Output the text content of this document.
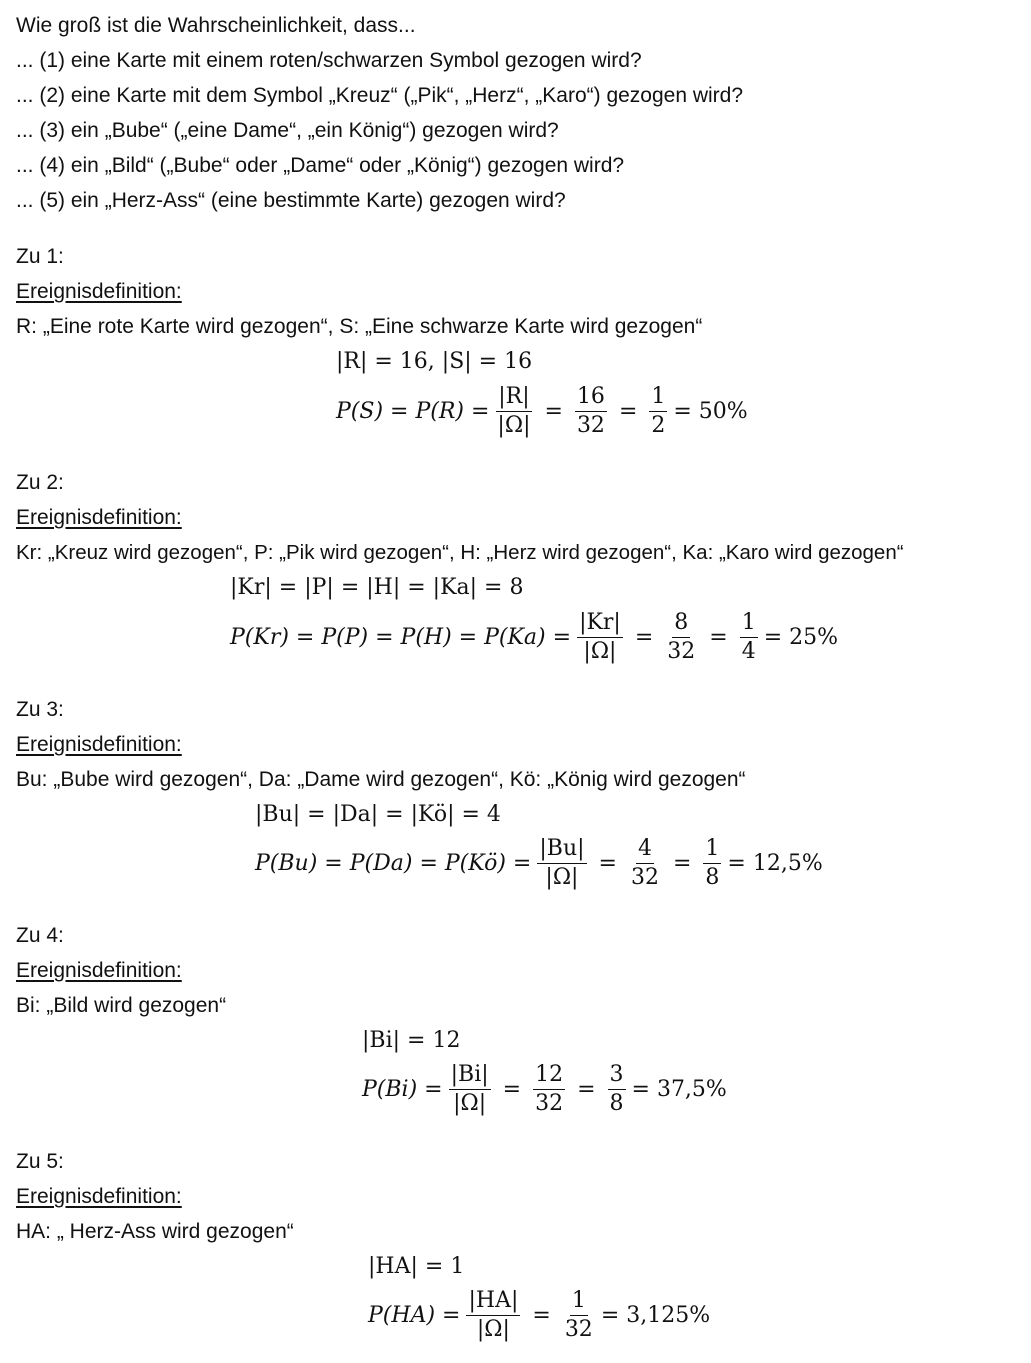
Wie groß ist die Wahrscheinlichkeit, dass...
... (1) eine Karte mit einem roten/schwarzen Symbol gezogen wird?
... (2) eine Karte mit dem Symbol „Kreuz“ („Pik“, „Herz“, „Karo“) gezogen wird?
... (3) ein „Bube“ („eine Dame“, „ein König“) gezogen wird?
... (4) ein „Bild“ („Bube“ oder „Dame“ oder „König“) gezogen wird?
... (5) ein „Herz-Ass“ (eine bestimmte Karte) gezogen wird?
Zu 1:
Ereignisdefinition:
R: „Eine rote Karte wird gezogen“, S: „Eine schwarze Karte wird gezogen“
|R| = 16, |S| = 16
$P(S) = P(R) = \frac{|R|}{|\Omega|} = \frac{16}{32} = \frac{1}{2} = 50\%$
Zu 2:
Ereignisdefinition:
Kr: „Kreuz wird gezogen“, P: „Pik wird gezogen“, H: „Herz wird gezogen“, Ka: „Karo wird gezogen“
|Kr| = |P| = |H| = |Ka| = 8
$P(Kr) = P(P) = P(H) = P(Ka) = \frac{|Kr|}{|\Omega|} = \frac{8}{32} = \frac{1}{4} = 25\%$
Zu 3:
Ereignisdefinition:
Bu: „Bube wird gezogen“, Da: „Dame wird gezogen“, Kö: „König wird gezogen“
|Bu| = |Da| = |Kö| = 4
P(Bu) = P(Da) = P(Kö) = $\frac{|Bu|}{|\Omega|} = \frac{4}{32} = \frac{1}{8} = 12,5\%$
Zu 4:
Ereignisdefinition:
Bi: „Bild wird gezogen“
|Bi| = 12
$P(Bi) = \frac{|Bi|}{|\Omega|} = \frac{12}{32} = \frac{3}{8} = 37,5\%$
Zu 5:
Ereignisdefinition:
HA: „ Herz-Ass wird gezogen“
|HA| = 1
$P(HA) = \frac{|HA|}{|\Omega|} = \frac{1}{32} = 3,125\%$
